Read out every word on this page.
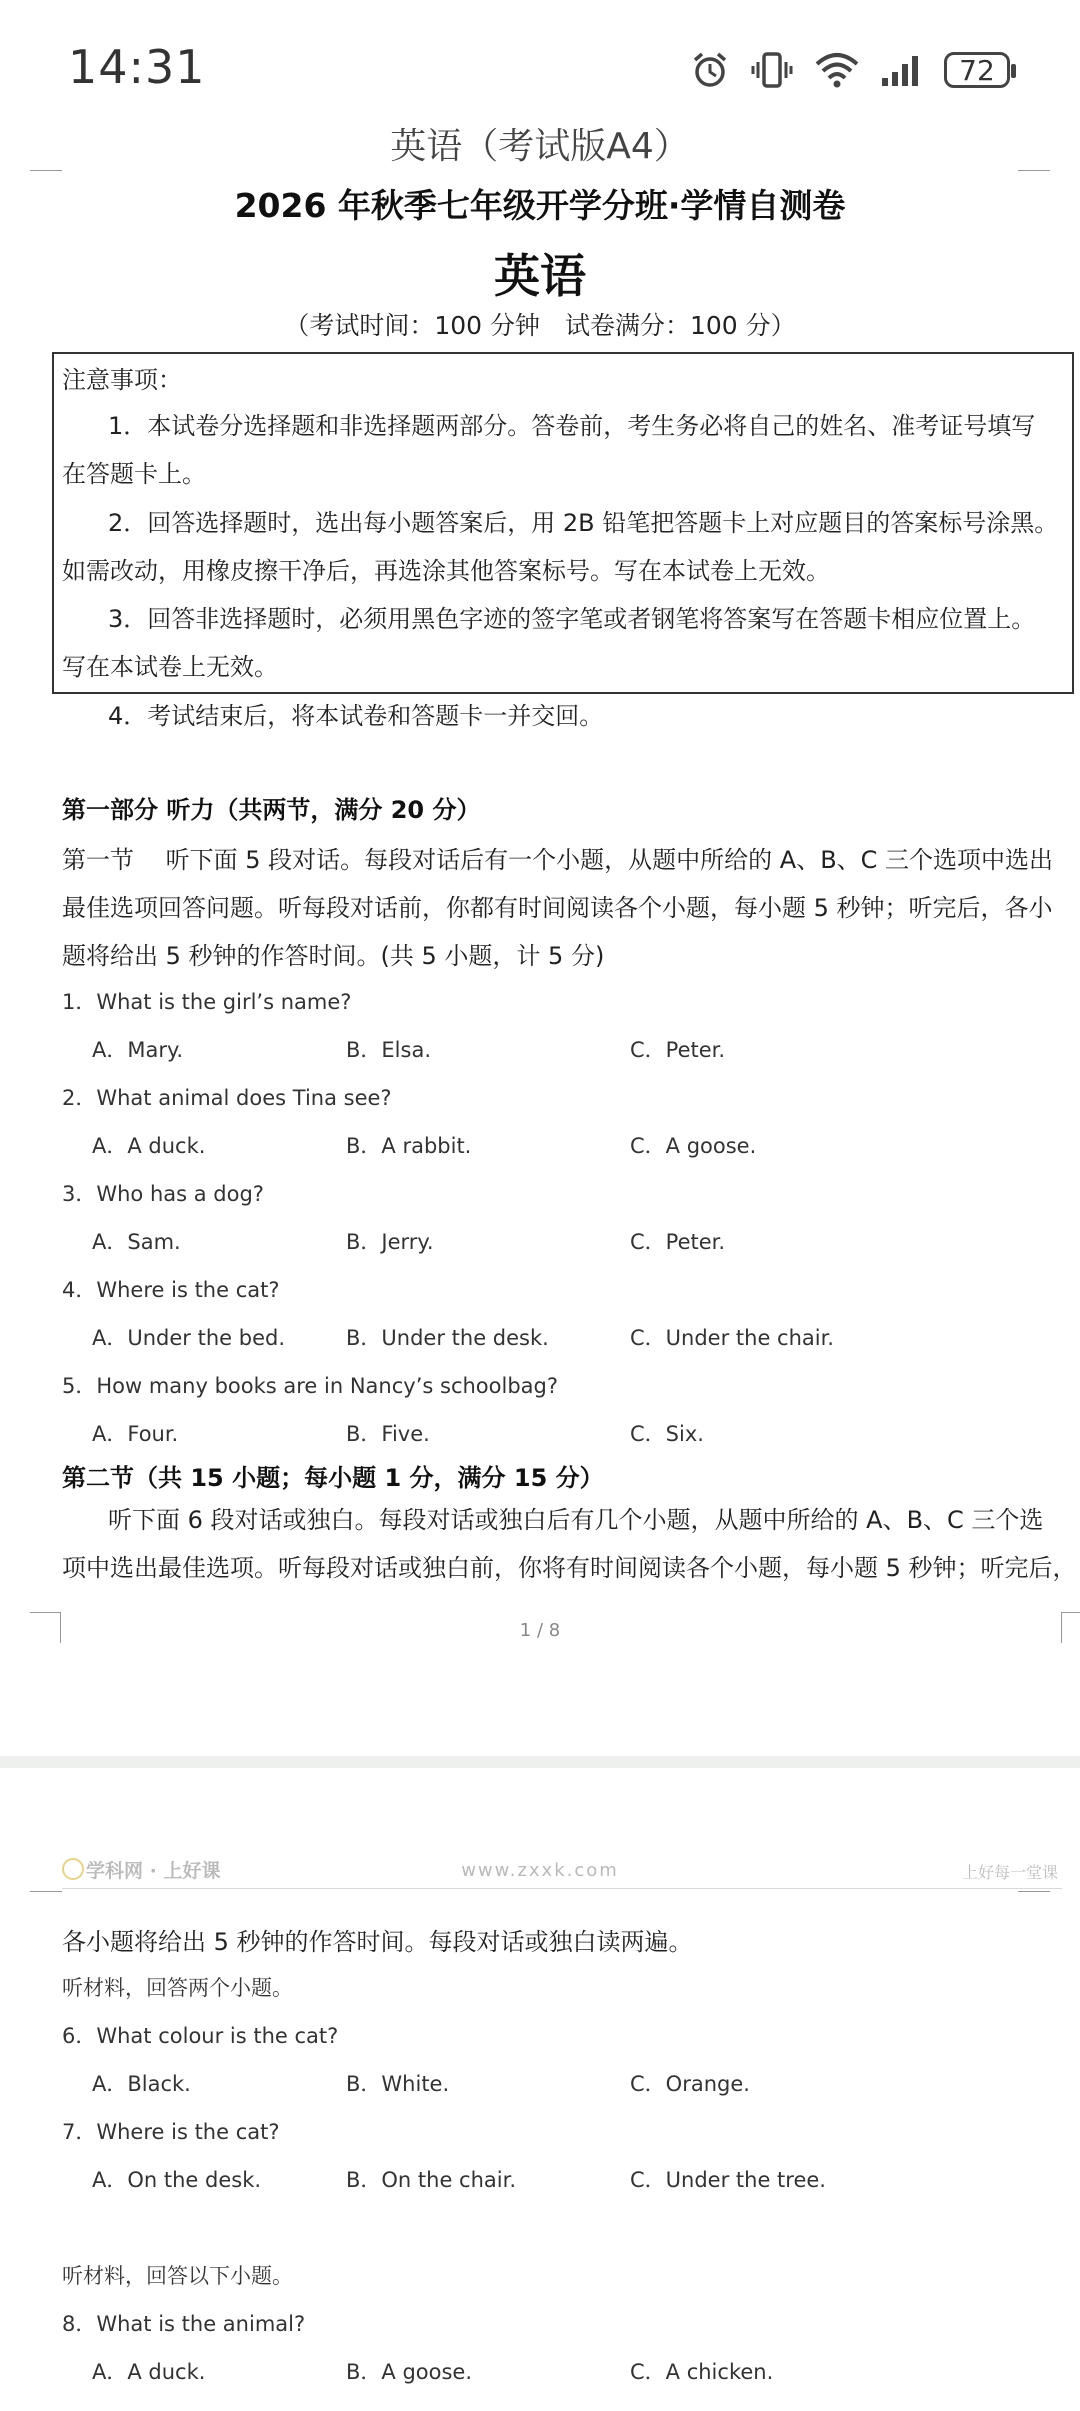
14:31	72
英语（考试版A4）
2026 年秋季七年级开学分班·学情自测卷
英语
（考试时间：100 分钟　试卷满分：100 分）
注意事项：
1．本试卷分选择题和非选择题两部分。答卷前，考生务必将自己的姓名、准考证号填写
在答题卡上。
2．回答选择题时，选出每小题答案后，用 2B 铅笔把答题卡上对应题目的答案标号涂黑。
如需改动，用橡皮擦干净后，再选涂其他答案标号。写在本试卷上无效。
3．回答非选择题时，必须用黑色字迹的签字笔或者钢笔将答案写在答题卡相应位置上。
写在本试卷上无效。
4．考试结束后，将本试卷和答题卡一并交回。
第一部分 听力（共两节，满分 20 分）
第一节　 听下面 5 段对话。每段对话后有一个小题，从题中所给的 A、B、C 三个选项中选出
最佳选项回答问题。听每段对话前，你都有时间阅读各个小题，每小题 5 秒钟；听完后，各小
题将给出 5 秒钟的作答时间。(共 5 小题，计 5 分)
1．What is the girl’s name?
A．Mary.	B．Elsa.	C．Peter.
2．What animal does Tina see?
A．A duck.	B．A rabbit.	C．A goose.
3．Who has a dog?
A．Sam.	B．Jerry.	C．Peter.
4．Where is the cat?
A．Under the bed.	B．Under the desk.	C．Under the chair.
5．How many books are in Nancy’s schoolbag?
A．Four.	B．Five.	C．Six.
第二节（共 15 小题；每小题 1 分，满分 15 分）
听下面 6 段对话或独白。每段对话或独白后有几个小题，从题中所给的 A、B、C 三个选
项中选出最佳选项。听每段对话或独白前，你将有时间阅读各个小题，每小题 5 秒钟；听完后，
1 / 8
学科网 · 上好课	www.zxxk.com	上好每一堂课
各小题将给出 5 秒钟的作答时间。每段对话或独白读两遍。
听材料，回答两个小题。
6．What colour is the cat?
A．Black.	B．White.	C．Orange.
7．Where is the cat?
A．On the desk.	B．On the chair.	C．Under the tree.
听材料，回答以下小题。
8．What is the animal?
A．A duck.	B．A goose.	C．A chicken.
